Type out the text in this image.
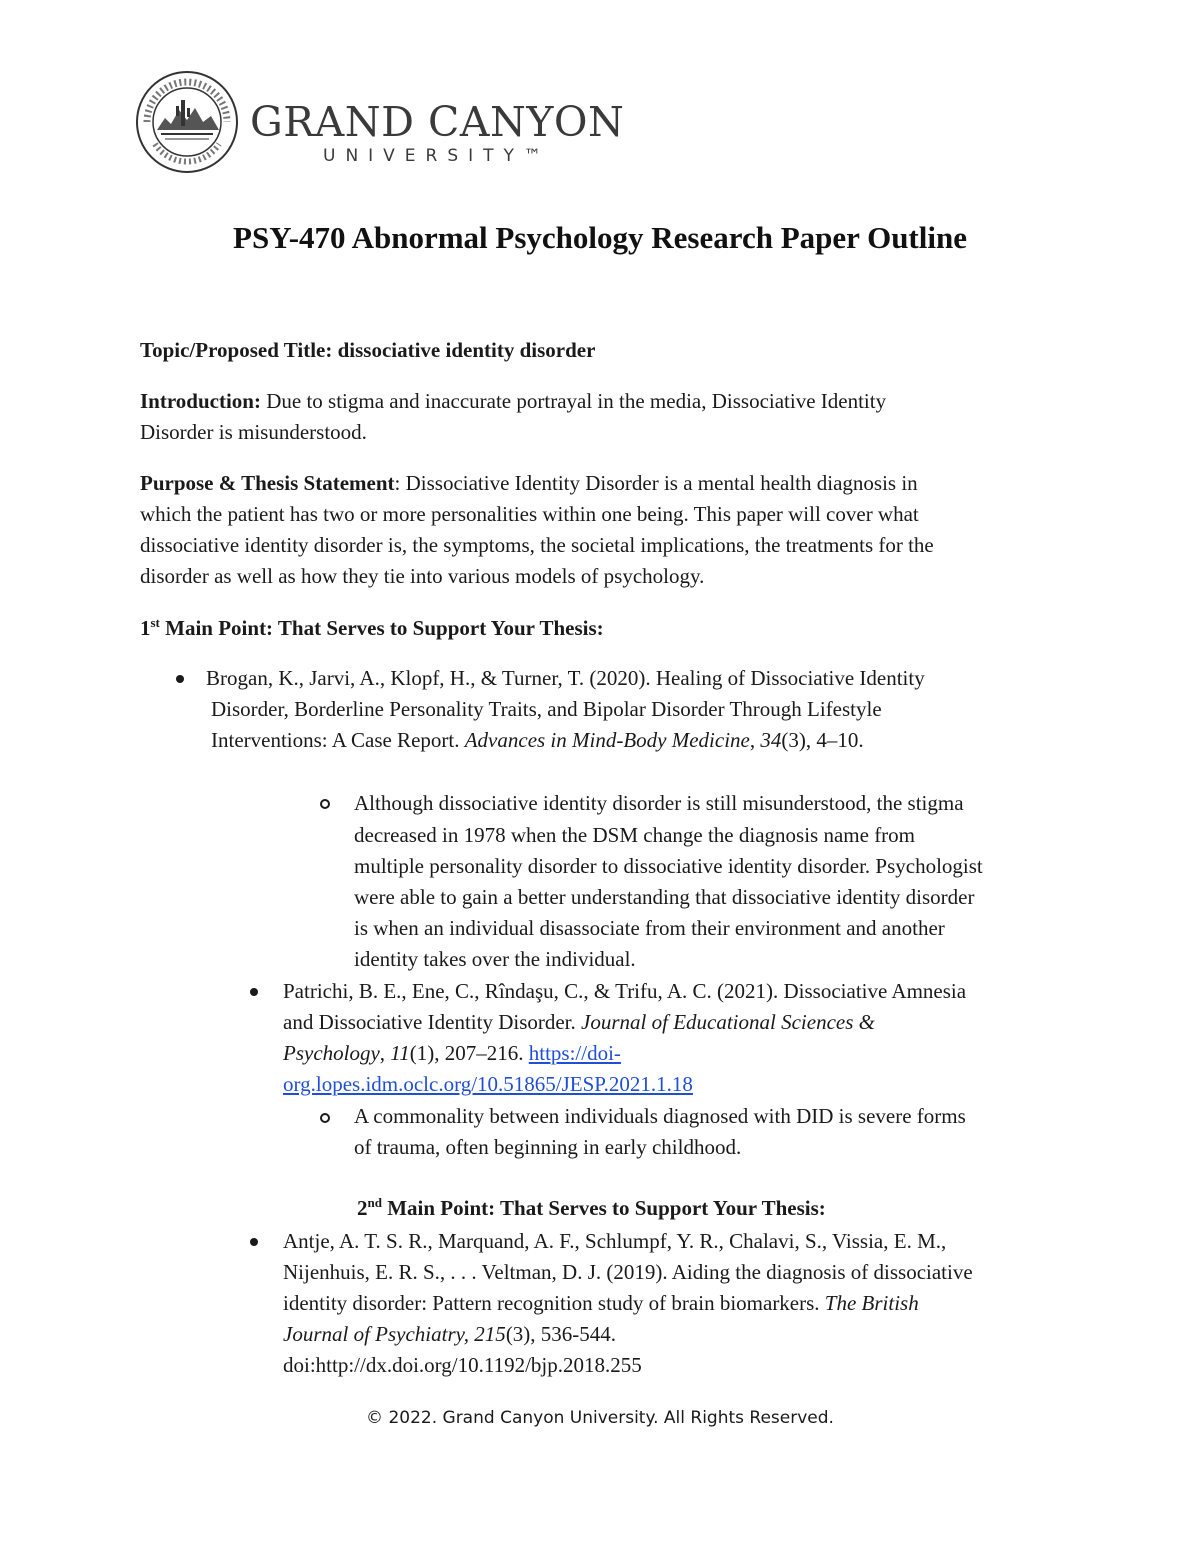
GRAND CANYON
UNIVERSITY™
PSY-470 Abnormal Psychology Research Paper Outline
Topic/Proposed Title: dissociative identity disorder
Introduction: Due to stigma and inaccurate portrayal in the media, Dissociative Identity
Disorder is misunderstood.
Purpose & Thesis Statement: Dissociative Identity Disorder is a mental health diagnosis in
which the patient has two or more personalities within one being. This paper will cover what
dissociative identity disorder is, the symptoms, the societal implications, the treatments for the
disorder as well as how they tie into various models of psychology.
1st Main Point: That Serves to Support Your Thesis:
Brogan, K., Jarvi, A., Klopf, H., & Turner, T. (2020). Healing of Dissociative Identity
Disorder, Borderline Personality Traits, and Bipolar Disorder Through Lifestyle
Interventions: A Case Report. Advances in Mind-Body Medicine, 34(3), 4–10.
Although dissociative identity disorder is still misunderstood, the stigma
decreased in 1978 when the DSM change the diagnosis name from
multiple personality disorder to dissociative identity disorder. Psychologist
were able to gain a better understanding that dissociative identity disorder
is when an individual disassociate from their environment and another
identity takes over the individual.
Patrichi, B. E., Ene, C., Rîndaşu, C., & Trifu, A. C. (2021). Dissociative Amnesia
and Dissociative Identity Disorder. Journal of Educational Sciences &
Psychology, 11(1), 207–216. https://doi-
org.lopes.idm.oclc.org/10.51865/JESP.2021.1.18
A commonality between individuals diagnosed with DID is severe forms
of trauma, often beginning in early childhood.
2nd Main Point: That Serves to Support Your Thesis:
Antje, A. T. S. R., Marquand, A. F., Schlumpf, Y. R., Chalavi, S., Vissia, E. M.,
Nijenhuis, E. R. S., . . . Veltman, D. J. (2019). Aiding the diagnosis of dissociative
identity disorder: Pattern recognition study of brain biomarkers. The British
Journal of Psychiatry, 215(3), 536-544.
doi:http://dx.doi.org/10.1192/bjp.2018.255
© 2022. Grand Canyon University. All Rights Reserved.
